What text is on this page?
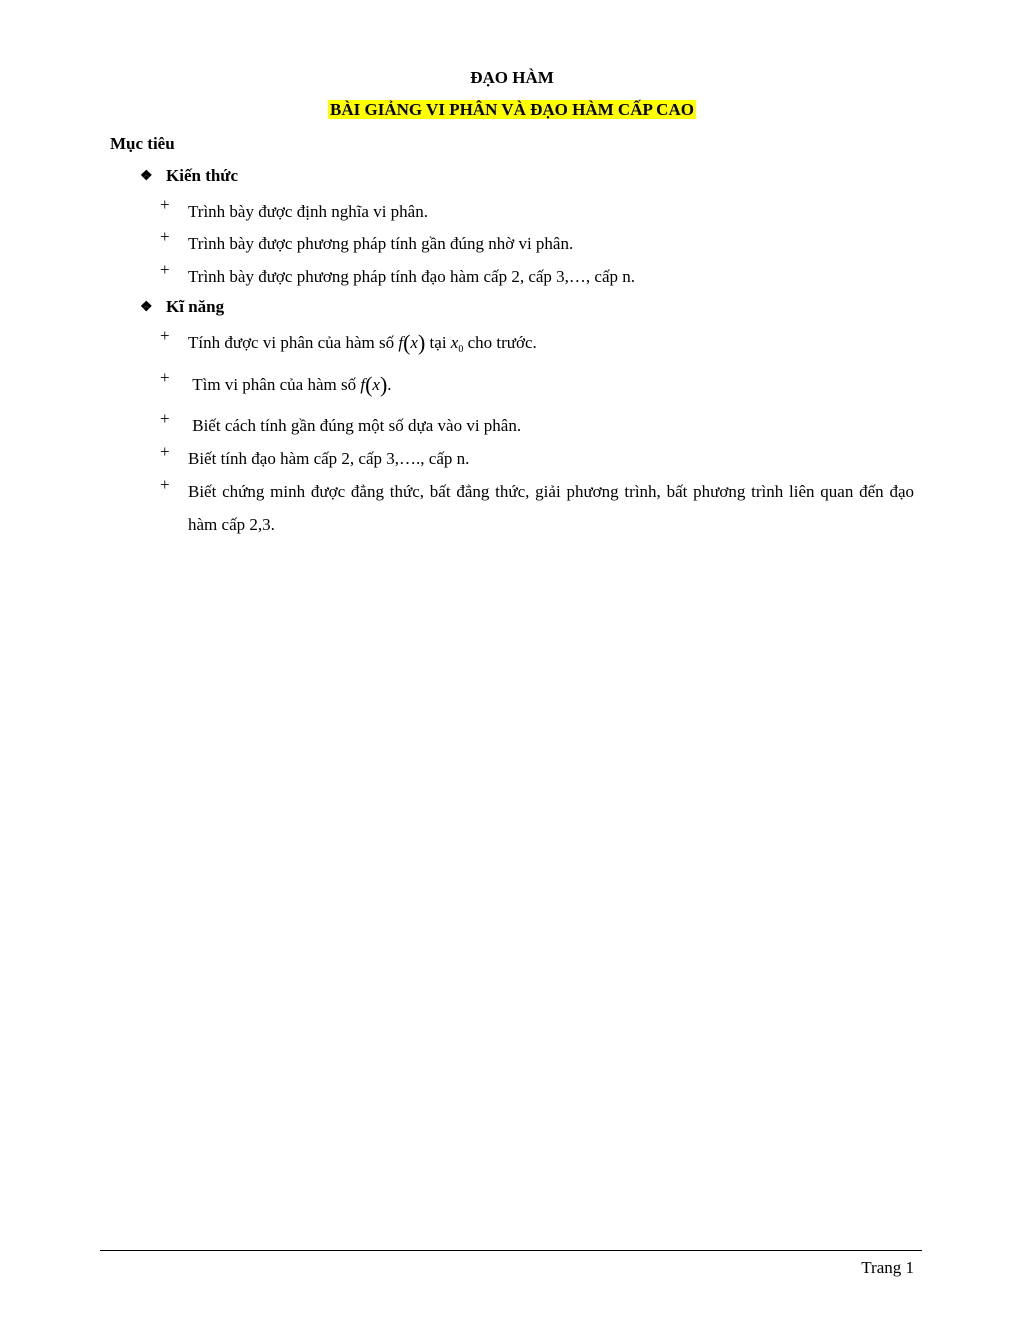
ĐẠO HÀM
BÀI GIẢNG VI PHÂN VÀ ĐẠO HÀM CẤP CAO
Mục tiêu
❖ Kiến thức
+	Trình bày được định nghĩa vi phân.
+	Trình bày được phương pháp tính gần đúng nhờ vi phân.
+	Trình bày được phương pháp tính đạo hàm cấp 2, cấp 3,…, cấp n.
❖ Kĩ năng
+	Tính được vi phân của hàm số f(x) tại $x_0$ cho trước.
+	Tìm vi phân của hàm số f(x).
+	Biết cách tính gần đúng một số dựa vào vi phân.
+	Biết tính đạo hàm cấp 2, cấp 3,…., cấp n.
+	Biết chứng minh được đẳng thức, bất đẳng thức, giải phương trình, bất phương trình liên quan đến đạo hàm cấp 2,3.
Trang 1
